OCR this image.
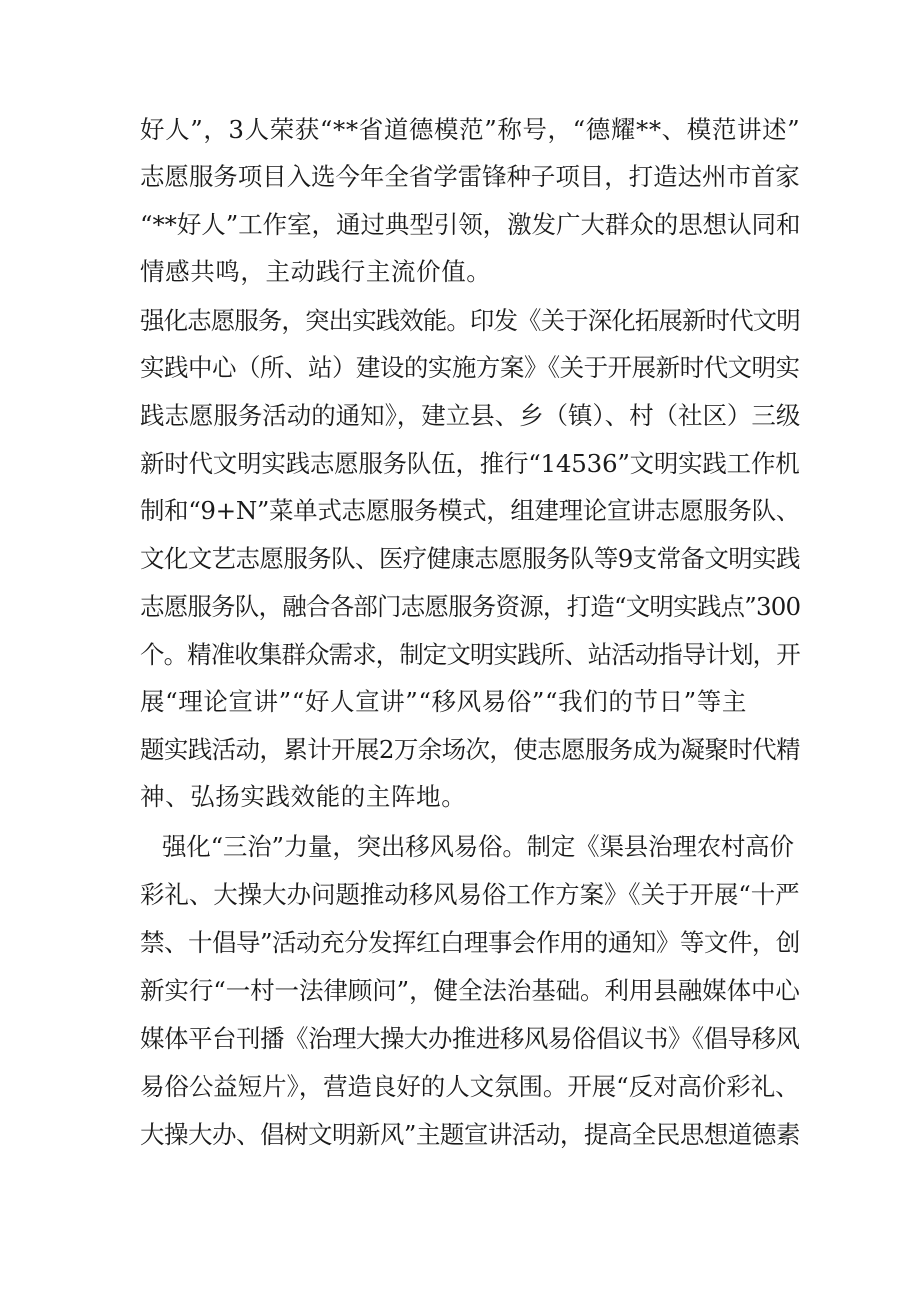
好人”，3人荣获“**省道德模范”称号，“德耀**、模范讲述”
志愿服务项目入选今年全省学雷锋种子项目，打造达州市首家
“**好人”工作室，通过典型引领，激发广大群众的思想认同和
情感共鸣，主动践行主流价值。
强化志愿服务，突出实践效能。印发《关于深化拓展新时代文明
实践中心（所、站）建设的实施方案》《关于开展新时代文明实
践志愿服务活动的通知》，建立县、乡（镇）、村（社区）三级
新时代文明实践志愿服务队伍，推行“14536”文明实践工作机
制和“9+N”菜单式志愿服务模式，组建理论宣讲志愿服务队、
文化文艺志愿服务队、医疗健康志愿服务队等9支常备文明实践
志愿服务队，融合各部门志愿服务资源，打造“文明实践点”300
个。精准收集群众需求，制定文明实践所、站活动指导计划，开
展“理论宣讲”“好人宣讲”“移风易俗”“我们的节日”等主
题实践活动，累计开展2万余场次，使志愿服务成为凝聚时代精
神、弘扬实践效能的主阵地。
强化“三治”力量，突出移风易俗。制定《渠县治理农村高价
彩礼、大操大办问题推动移风易俗工作方案》《关于开展“十严
禁、十倡导”活动充分发挥红白理事会作用的通知》等文件，创
新实行“一村一法律顾问”，健全法治基础。利用县融媒体中心
媒体平台刊播《治理大操大办推进移风易俗倡议书》《倡导移风
易俗公益短片》，营造良好的人文氛围。开展“反对高价彩礼、
大操大办、倡树文明新风”主题宣讲活动，提高全民思想道德素
